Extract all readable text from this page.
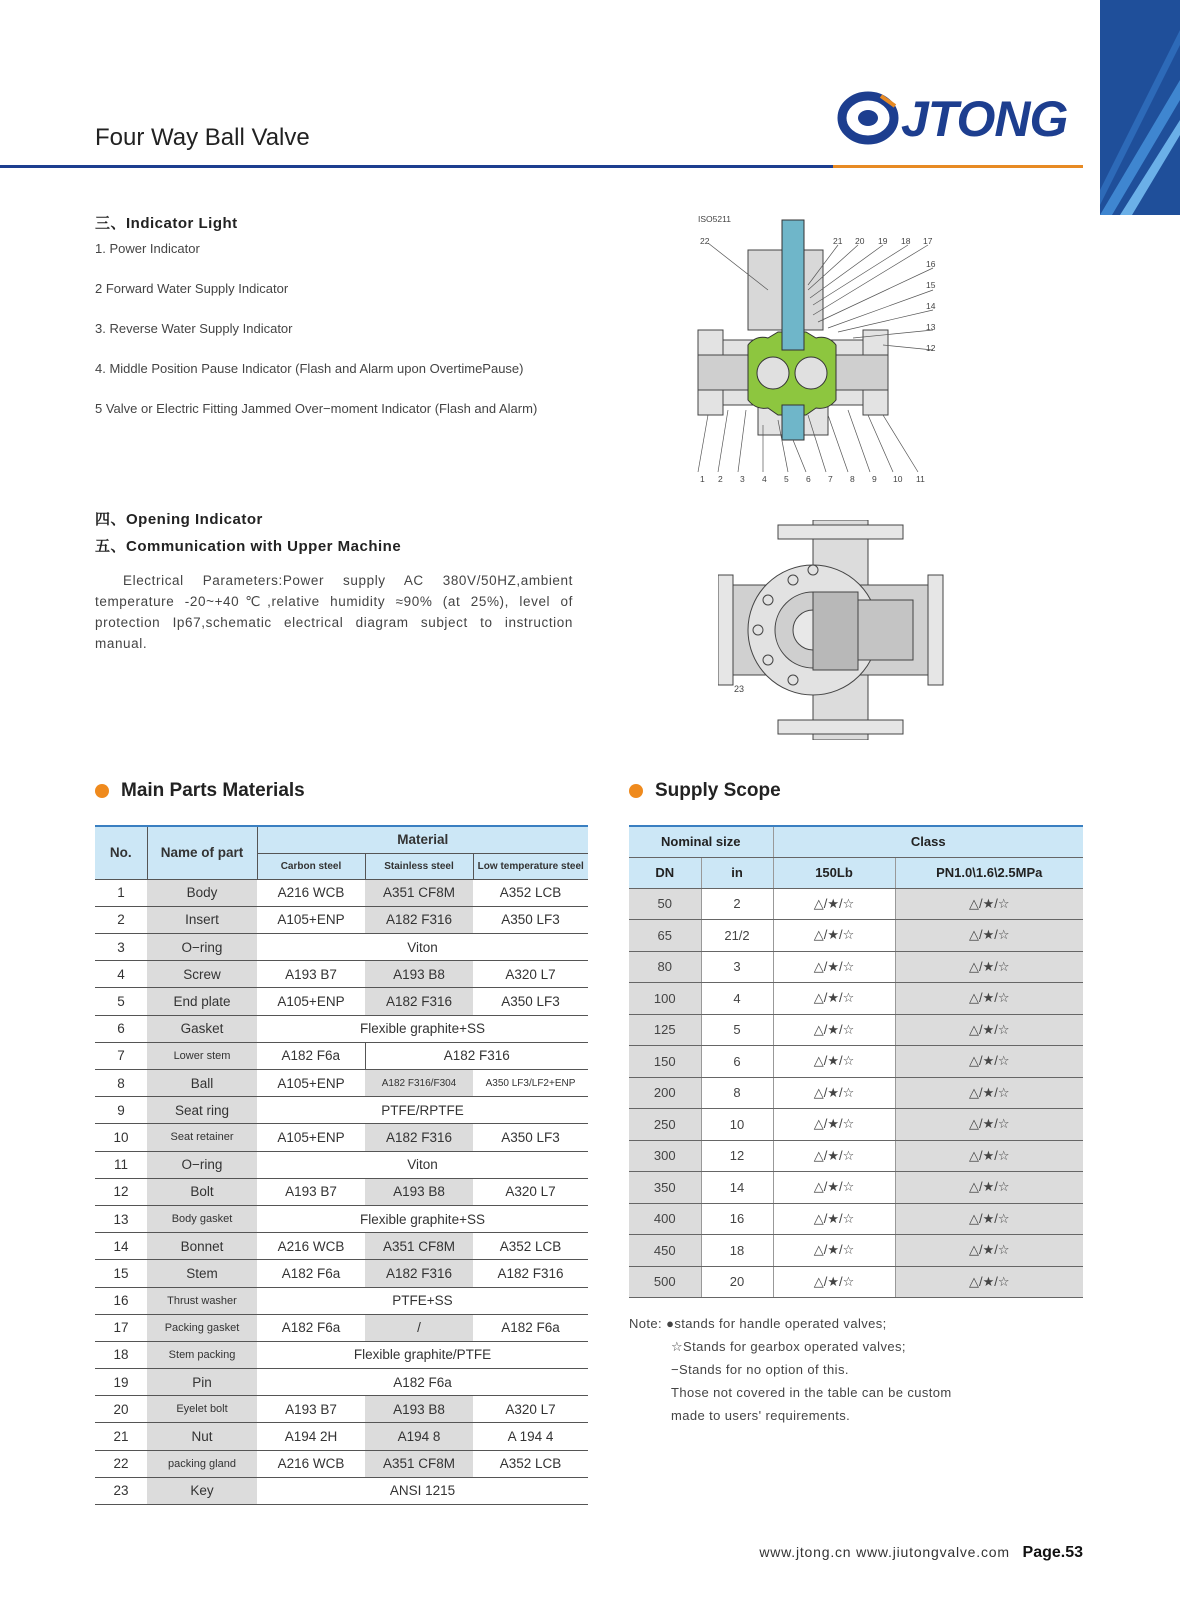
Four Way Ball Valve	JTONG
三、Indicator Light
1. Power Indicator
2 Forward Water Supply Indicator
3. Reverse Water Supply Indicator
4. Middle Position Pause Indicator (Flash and Alarm upon OvertimePause)
5 Valve or Electric Fitting Jammed Over−moment Indicator (Flash and Alarm)
四、Opening Indicator
五、Communication with Upper Machine
Electrical Parameters:Power supply AC 380V/50HZ,ambient temperature -20~+40℃,relative humidity ≈90% (at 25%), level of protection Ip67,schematic electrical diagram subject to instruction manual.
ISO5211
22	21 20 19 18 17
16
15
14
13
12
1 2 3 4 5 6 7 8 9 10 11
23
Main Parts Materials
No.	Name of part	Material		
		Carbon steel	Stainless steel	Low temperature steel
1	Body	A216 WCB	A351 CF8M	A352 LCB
2	Insert	A105+ENP	A182 F316	A350 LF3
3	O−ring	Viton		
4	Screw	A193 B7	A193 B8	A320 L7
5	End plate	A105+ENP	A182 F316	A350 LF3
6	Gasket	Flexible graphite+SS		
7	Lower stem	A182 F6a	A182 F316	
8	Ball	A105+ENP	A182 F316/F304	A350 LF3/LF2+ENP
9	Seat ring	PTFE/RPTFE		
10	Seat retainer	A105+ENP	A182 F316	A350 LF3
11	O−ring	Viton		
12	Bolt	A193 B7	A193 B8	A320 L7
13	Body gasket	Flexible graphite+SS		
14	Bonnet	A216 WCB	A351 CF8M	A352 LCB
15	Stem	A182 F6a	A182 F316	A182 F316
16	Thrust washer	PTFE+SS		
17	Packing gasket	A182 F6a	/	A182 F6a
18	Stem packing	Flexible graphite/PTFE		
19	Pin	A182 F6a		
20	Eyelet bolt	A193 B7	A193 B8	A320 L7
21	Nut	A194 2H	A194 8	A 194 4
22	packing gland	A216 WCB	A351 CF8M	A352 LCB
23	Key	ANSI 1215		
Supply Scope
Nominal size		Class	
DN	in	150Lb	PN1.0\1.6\2.5MPa
50	2	△/★/☆	△/★/☆
65	21/2	△/★/☆	△/★/☆
80	3	△/★/☆	△/★/☆
100	4	△/★/☆	△/★/☆
125	5	△/★/☆	△/★/☆
150	6	△/★/☆	△/★/☆
200	8	△/★/☆	△/★/☆
250	10	△/★/☆	△/★/☆
300	12	△/★/☆	△/★/☆
350	14	△/★/☆	△/★/☆
400	16	△/★/☆	△/★/☆
450	18	△/★/☆	△/★/☆
500	20	△/★/☆	△/★/☆
Note: ●stands for handle operated valves;
☆Stands for gearbox operated valves;
−Stands for no option of this.
Those not covered in the table can be custom
made to users' requirements.
www.jtong.cn www.jiutongvalve.com Page.53
